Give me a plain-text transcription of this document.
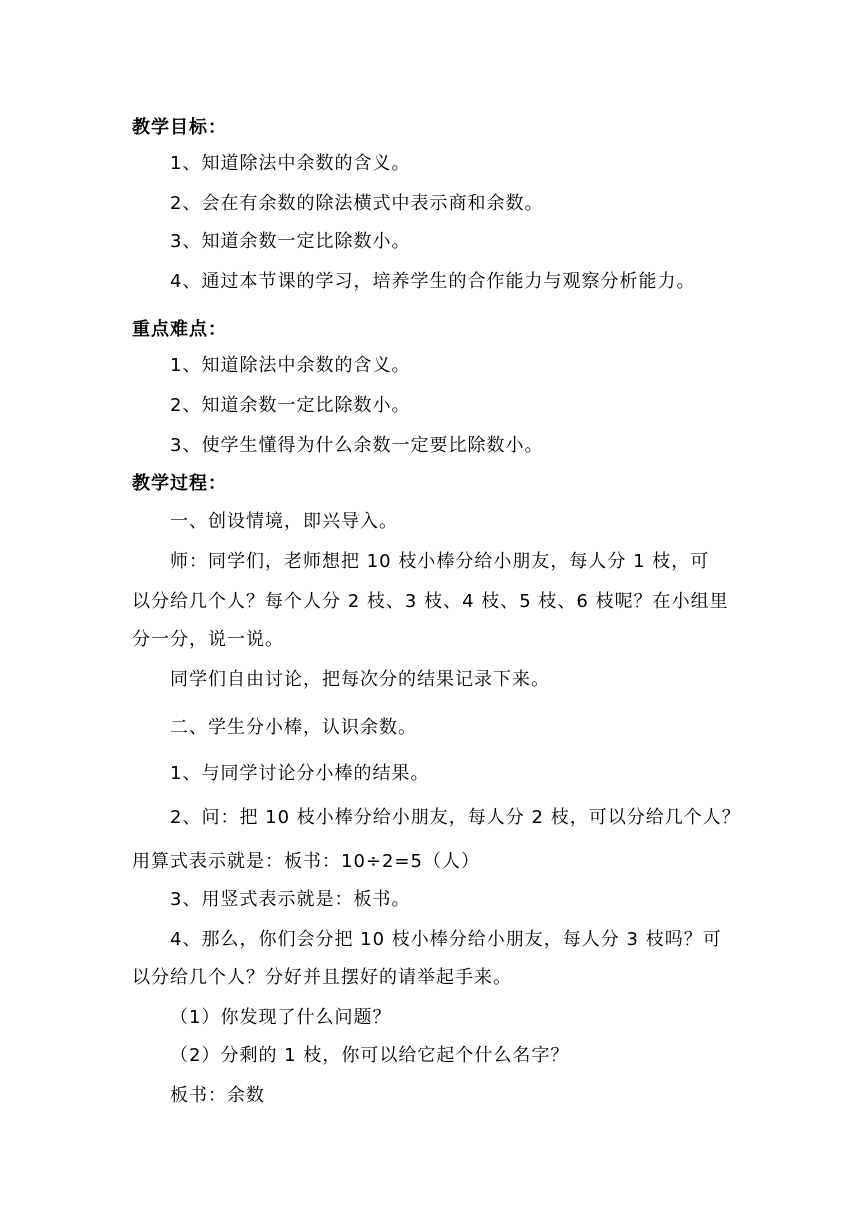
教学目标：
1、知道除法中余数的含义。
2、会在有余数的除法横式中表示商和余数。
3、知道余数一定比除数小。
4、通过本节课的学习，培养学生的合作能力与观察分析能力。
重点难点：
1、知道除法中余数的含义。
2、知道余数一定比除数小。
3、使学生懂得为什么余数一定要比除数小。
教学过程：
一、创设情境，即兴导入。
师：同学们，老师想把 10 枝小棒分给小朋友，每人分 1 枝，可
以分给几个人？每个人分 2 枝、3 枝、4 枝、5 枝、6 枝呢？在小组里
分一分，说一说。
同学们自由讨论，把每次分的结果记录下来。
二、学生分小棒，认识余数。
1、与同学讨论分小棒的结果。
2、问：把 10 枝小棒分给小朋友，每人分 2 枝，可以分给几个人？
用算式表示就是：板书：10÷2=5（人）
3、用竖式表示就是：板书。
4、那么，你们会分把 10 枝小棒分给小朋友，每人分 3 枝吗？可
以分给几个人？分好并且摆好的请举起手来。
（1）你发现了什么问题？
（2）分剩的 1 枝，你可以给它起个什么名字？
板书：余数
